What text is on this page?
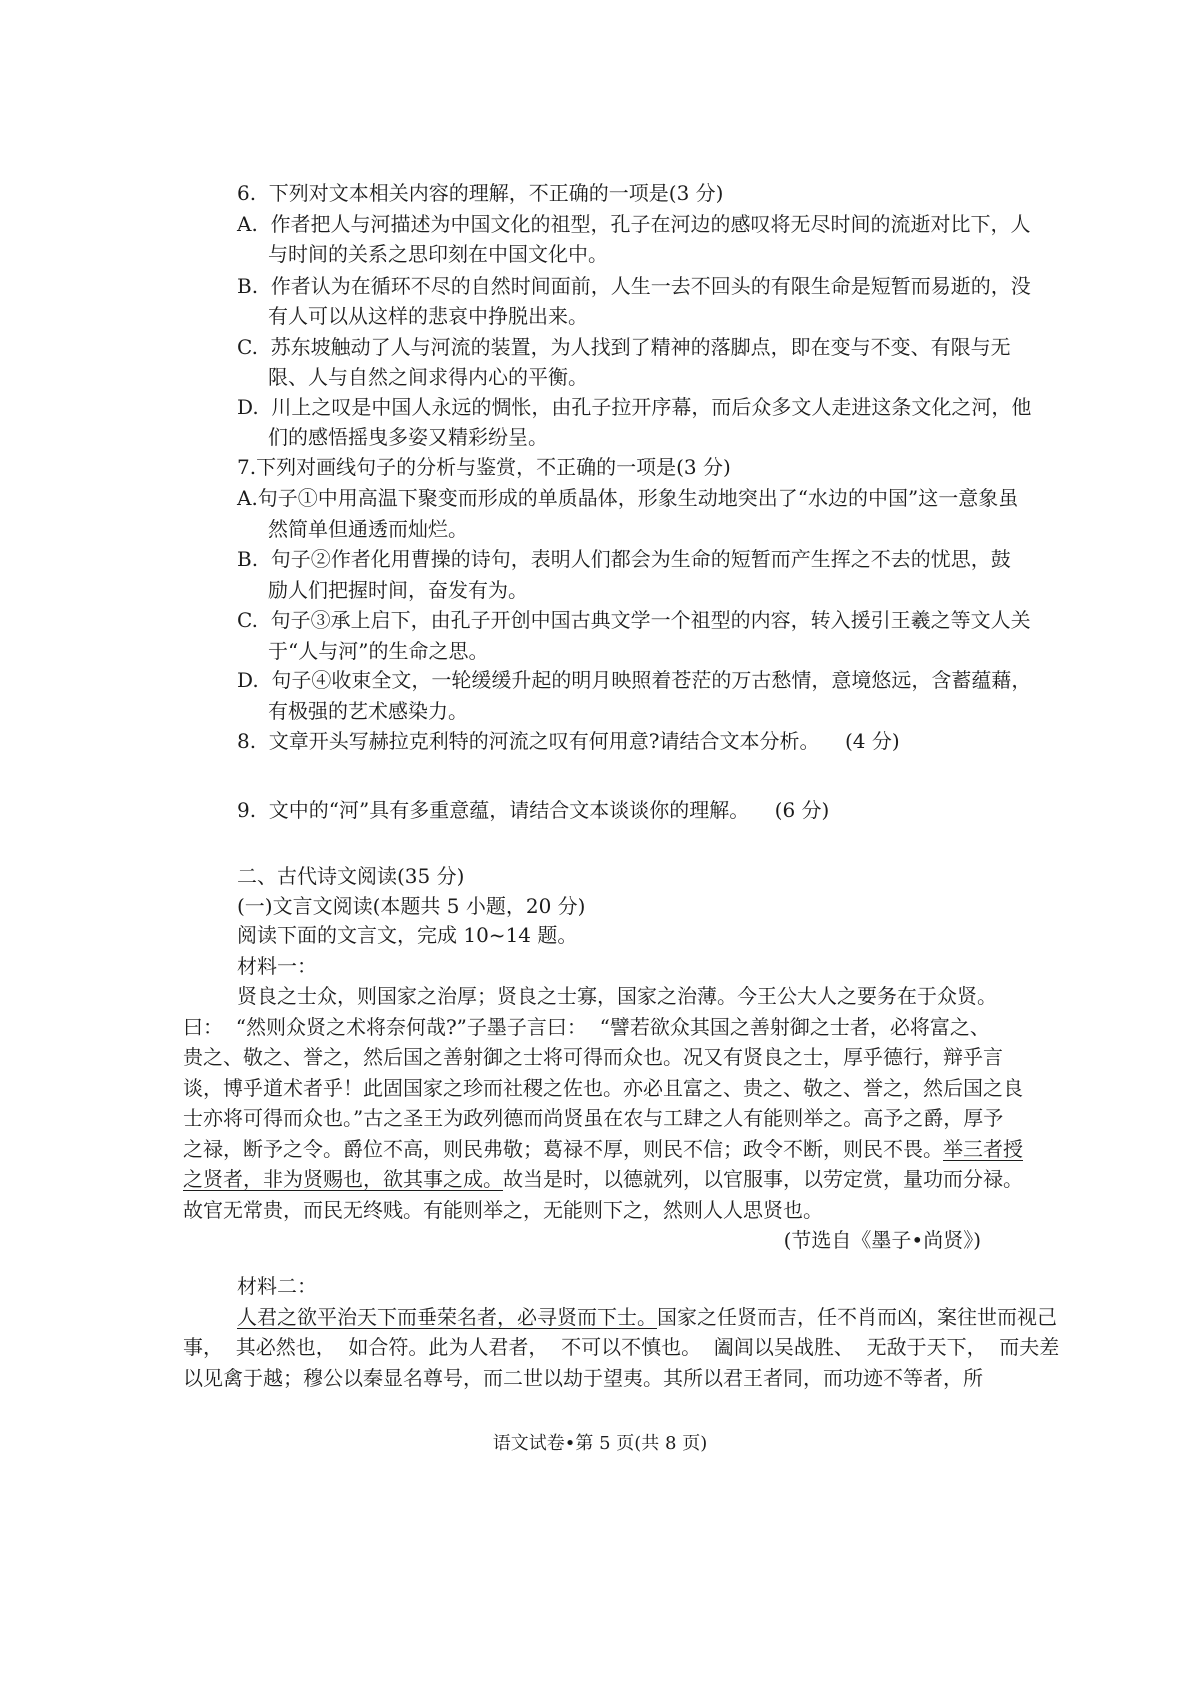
6.  下列对文本相关内容的理解，不正确的一项是(3 分)
A.  作者把人与河描述为中国文化的祖型，孔子在河边的感叹将无尽时间的流逝对比下，人
与时间的关系之思印刻在中国文化中。
B.  作者认为在循环不尽的自然时间面前，人生一去不回头的有限生命是短暂而易逝的，没
有人可以从这样的悲哀中挣脱出来。
C.  苏东坡触动了人与河流的装置，为人找到了精神的落脚点，即在变与不变、有限与无
限、人与自然之间求得内心的平衡。
D.  川上之叹是中国人永远的惆怅，由孔子拉开序幕，而后众多文人走进这条文化之河，他
们的感悟摇曳多姿又精彩纷呈。
7.下列对画线句子的分析与鉴赏，不正确的一项是(3 分)
A.句子①中用高温下聚变而形成的单质晶体，形象生动地突出了“水边的中国”这一意象虽
然简单但通透而灿烂。
B.  句子②作者化用曹操的诗句，表明人们都会为生命的短暂而产生挥之不去的忧思，鼓
励人们把握时间，奋发有为。
C.  句子③承上启下，由孔子开创中国古典文学一个祖型的内容，转入援引王羲之等文人关
于“人与河”的生命之思。
D.  句子④收束全文，一轮缓缓升起的明月映照着苍茫的万古愁情，意境悠远，含蓄蕴藉，
有极强的艺术感染力。
8.  文章开头写赫拉克利特的河流之叹有何用意?请结合文本分析。    (4 分)
9.  文中的“河”具有多重意蕴，请结合文本谈谈你的理解。    (6 分)
二、古代诗文阅读(35 分)
(一)文言文阅读(本题共 5 小题，20 分)
阅读下面的文言文，完成 10~14 题。
材料一：
贤良之士众，则国家之治厚；贤良之士寡，国家之治薄。今王公大人之要务在于众贤。
曰：  “然则众贤之术将奈何哉?”子墨子言曰：  “譬若欲众其国之善射御之士者，必将富之、
贵之、敬之、誉之，然后国之善射御之士将可得而众也。况又有贤良之士，厚乎德行，辩乎言
谈，博乎道术者乎！此固国家之珍而社稷之佐也。亦必且富之、贵之、敬之、誉之，然后国之良
士亦将可得而众也。”古之圣王为政列德而尚贤虽在农与工肆之人有能则举之。高予之爵，厚予
之禄，断予之令。爵位不高，则民弗敬；葛禄不厚，则民不信；政令不断，则民不畏。举三者授
之贤者，非为贤赐也，欲其事之成。故当是时，以德就列，以官服事，以劳定赏，量功而分禄。
故官无常贵，而民无终贱。有能则举之，无能则下之，然则人人思贤也。
(节选自《墨子•尚贤》)
材料二：
人君之欲平治天下而垂荣名者，必寻贤而下士。国家之任贤而吉，任不肖而凶，案往世而视己
事，  其必然也，  如合符。此为人君者，  不可以不慎也。  阖闾以吴战胜、  无敌于天下，  而夫差
以见禽于越；穆公以秦显名尊号，而二世以劫于望夷。其所以君王者同，而功迹不等者，所
语文试卷•第 5 页(共 8 页)
